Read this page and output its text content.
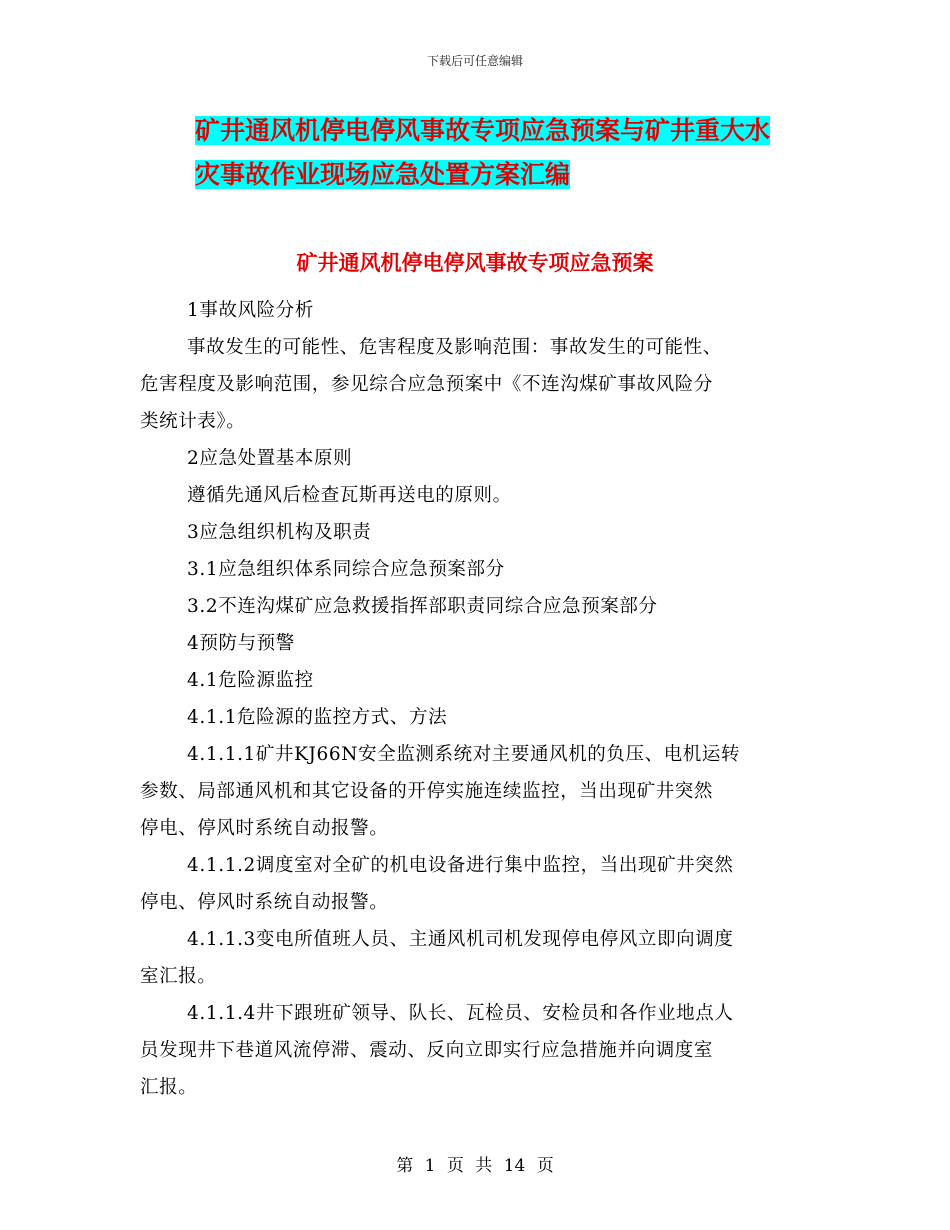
下载后可任意编辑
矿井通风机停电停风事故专项应急预案与矿井重大水
灾事故作业现场应急处置方案汇编
矿井通风机停电停风事故专项应急预案
1事故风险分析
事故发生的可能性、危害程度及影响范围：事故发生的可能性、
危害程度及影响范围，参见综合应急预案中《不连沟煤矿事故风险分
类统计表》。
2应急处置基本原则
遵循先通风后检查瓦斯再送电的原则。
3应急组织机构及职责
3.1应急组织体系同综合应急预案部分
3.2不连沟煤矿应急救援指挥部职责同综合应急预案部分
4预防与预警
4.1危险源监控
4.1.1危险源的监控方式、方法
4.1.1.1矿井KJ66N安全监测系统对主要通风机的负压、电机运转
参数、局部通风机和其它设备的开停实施连续监控，当出现矿井突然
停电、停风时系统自动报警。
4.1.1.2调度室对全矿的机电设备进行集中监控，当出现矿井突然
停电、停风时系统自动报警。
4.1.1.3变电所值班人员、主通风机司机发现停电停风立即向调度
室汇报。
4.1.1.4井下跟班矿领导、队长、瓦检员、安检员和各作业地点人
员发现井下巷道风流停滞、震动、反向立即实行应急措施并向调度室
汇报。
第 1 页 共 14 页
